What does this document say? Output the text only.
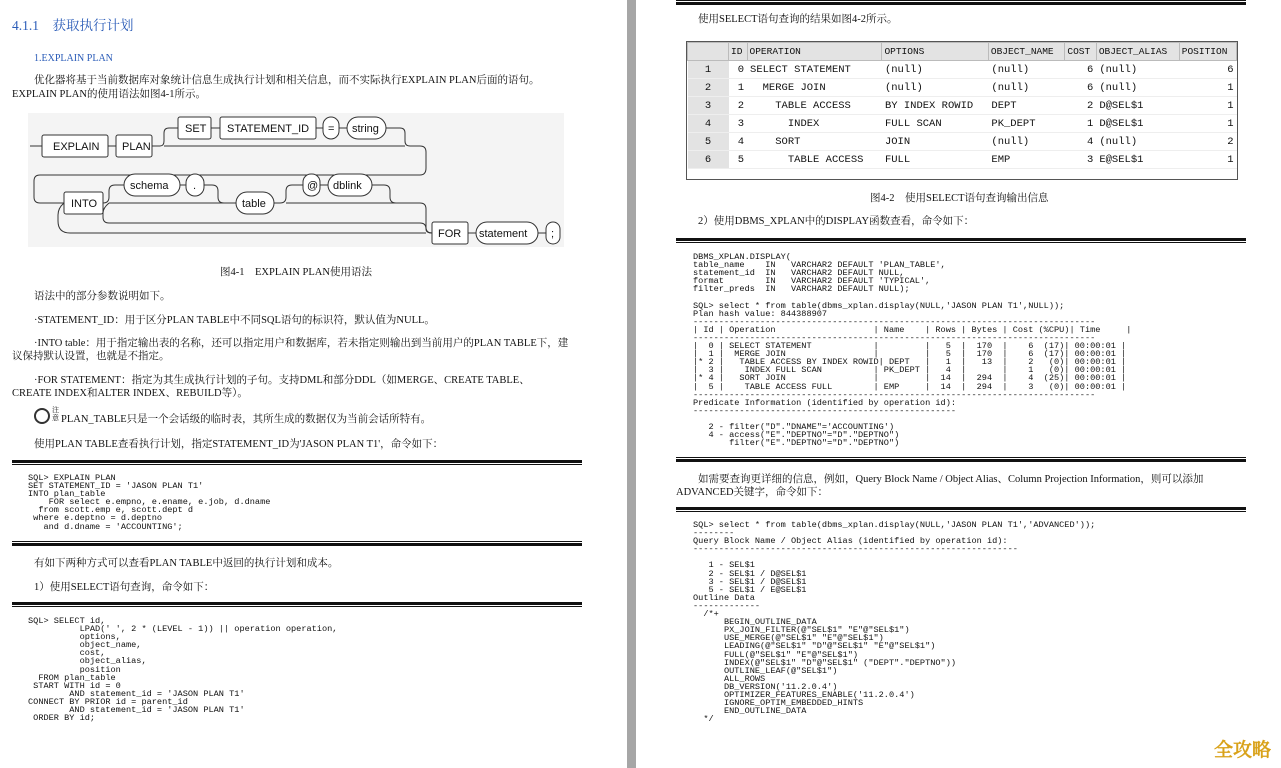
4.1.1　获取执行计划
1.EXPLAIN PLAN
优化器将基于当前数据库对象统计信息生成执行计划和相关信息，而不实际执行EXPLAIN PLAN后面的语句。
EXPLAIN PLAN的使用语法如图4-1所示。
EXPLAIN PLAN
SET STATEMENT_ID = string
INTO
schema .
table
@ dblink
FOR statement ;
图4-1　EXPLAIN PLAN使用语法
语法中的部分参数说明如下。
·STATEMENT_ID：用于区分PLAN TABLE中不同SQL语句的标识符，默认值为NULL。
·INTO table：用于指定输出表的名称，还可以指定用户和数据库，若未指定则输出到当前用户的PLAN TABLE下，建
议保持默认设置，也就是不指定。
·FOR STATEMENT：指定为其生成执行计划的子句。支持DML和部分DDL（如MERGE、CREATE TABLE、
CREATE INDEX和ALTER INDEX、REBUILD等）。
注意 PLAN_TABLE只是一个会话级的临时表，其所生成的数据仅为当前会话所特有。
使用PLAN TABLE查看执行计划，指定STATEMENT_ID为'JASON PLAN T1'，命令如下：
SQL> EXPLAIN PLAN
SET STATEMENT_ID = 'JASON PLAN T1'
INTO plan_table
FOR select e.empno, e.ename, e.job, d.dname
from scott.emp e, scott.dept d
where e.deptno = d.deptno
and d.dname = 'ACCOUNTING';
有如下两种方式可以查看PLAN TABLE中返回的执行计划和成本。
1）使用SELECT语句查询，命令如下：
SQL> SELECT id,
LPAD(' ', 2 * (LEVEL - 1)) || operation operation,
options,
object_name,
cost,
object_alias,
position
FROM plan_table
START WITH id = 0
AND statement_id = 'JASON PLAN T1'
CONNECT BY PRIOR id = parent_id
AND statement_id = 'JASON PLAN T1'
ORDER BY id;
使用SELECT语句查询的结果如图4-2所示。
图4-2　使用SELECT语句查询输出信息
2）使用DBMS_XPLAN中的DISPLAY函数查看，命令如下：
DBMS_XPLAN.DISPLAY(
table_name    IN   VARCHAR2 DEFAULT 'PLAN_TABLE',
statement_id  IN   VARCHAR2 DEFAULT NULL,
format        IN   VARCHAR2 DEFAULT 'TYPICAL',
filter_preds  IN   VARCHAR2 DEFAULT NULL);

SQL> select * from table(dbms_xplan.display(NULL,'JASON PLAN T1',NULL));
Plan hash value: 844388907
------------------------------------------------------------------------------
| Id | Operation                   | Name    | Rows | Bytes | Cost (%CPU)| Time     |
------------------------------------------------------------------------------
|  0 | SELECT STATEMENT            |         |   5  |  170  |    6  (17)| 00:00:01 |
|  1 |  MERGE JOIN                 |         |   5  |  170  |    6  (17)| 00:00:01 |
|* 2 |   TABLE ACCESS BY INDEX ROWID| DEPT   |   1  |   13  |    2   (0)| 00:00:01 |
|  3 |    INDEX FULL SCAN          | PK_DEPT |   4  |       |    1   (0)| 00:00:01 |
|* 4 |   SORT JOIN                 |         |  14  |  294  |    4  (25)| 00:00:01 |
|  5 |    TABLE ACCESS FULL        | EMP     |  14  |  294  |    3   (0)| 00:00:01 |
------------------------------------------------------------------------------
Predicate Information (identified by operation id):
---------------------------------------------------

2 - filter("D"."DNAME"='ACCOUNTING')
4 - access("E"."DEPTNO"="D"."DEPTNO")
filter("E"."DEPTNO"="D"."DEPTNO")
如需要查询更详细的信息，例如，Query Block Name / Object Alias、Column Projection Information，则可以添加
ADVANCED关键字，命令如下：
SQL> select * from table(dbms_xplan.display(NULL,'JASON PLAN T1','ADVANCED'));
--------
Query Block Name / Object Alias (identified by operation id):
---------------------------------------------------------------

1 - SEL$1
2 - SEL$1 / D@SEL$1
3 - SEL$1 / D@SEL$1
5 - SEL$1 / E@SEL$1
Outline Data
-------------
/*+
BEGIN_OUTLINE_DATA
PX_JOIN_FILTER(@"SEL$1" "E"@"SEL$1")
USE_MERGE(@"SEL$1" "E"@"SEL$1")
LEADING(@"SEL$1" "D"@"SEL$1" "E"@"SEL$1")
FULL(@"SEL$1" "E"@"SEL$1")
INDEX(@"SEL$1" "D"@"SEL$1" ("DEPT"."DEPTNO"))
OUTLINE_LEAF(@"SEL$1")
ALL_ROWS
DB_VERSION('11.2.0.4')
OPTIMIZER_FEATURES_ENABLE('11.2.0.4')
IGNORE_OPTIM_EMBEDDED_HINTS
END_OUTLINE_DATA
*/
	ID	OPERATION	OPTIONS	OBJECT_NAME	COST	OBJECT_ALIAS	POSITION
1	0	SELECT STATEMENT	(null)	(null)	6	(null)	6
2	1	MERGE JOIN	(null)	(null)	6	(null)	1
3	2	TABLE ACCESS	BY INDEX ROWID	DEPT	2	D@SEL$1	1
4	3	INDEX	FULL SCAN	PK_DEPT	1	D@SEL$1	1
5	4	SORT	JOIN	(null)	4	(null)	2
6	5	TABLE ACCESS	FULL	EMP	3	E@SEL$1	1
全攻略
